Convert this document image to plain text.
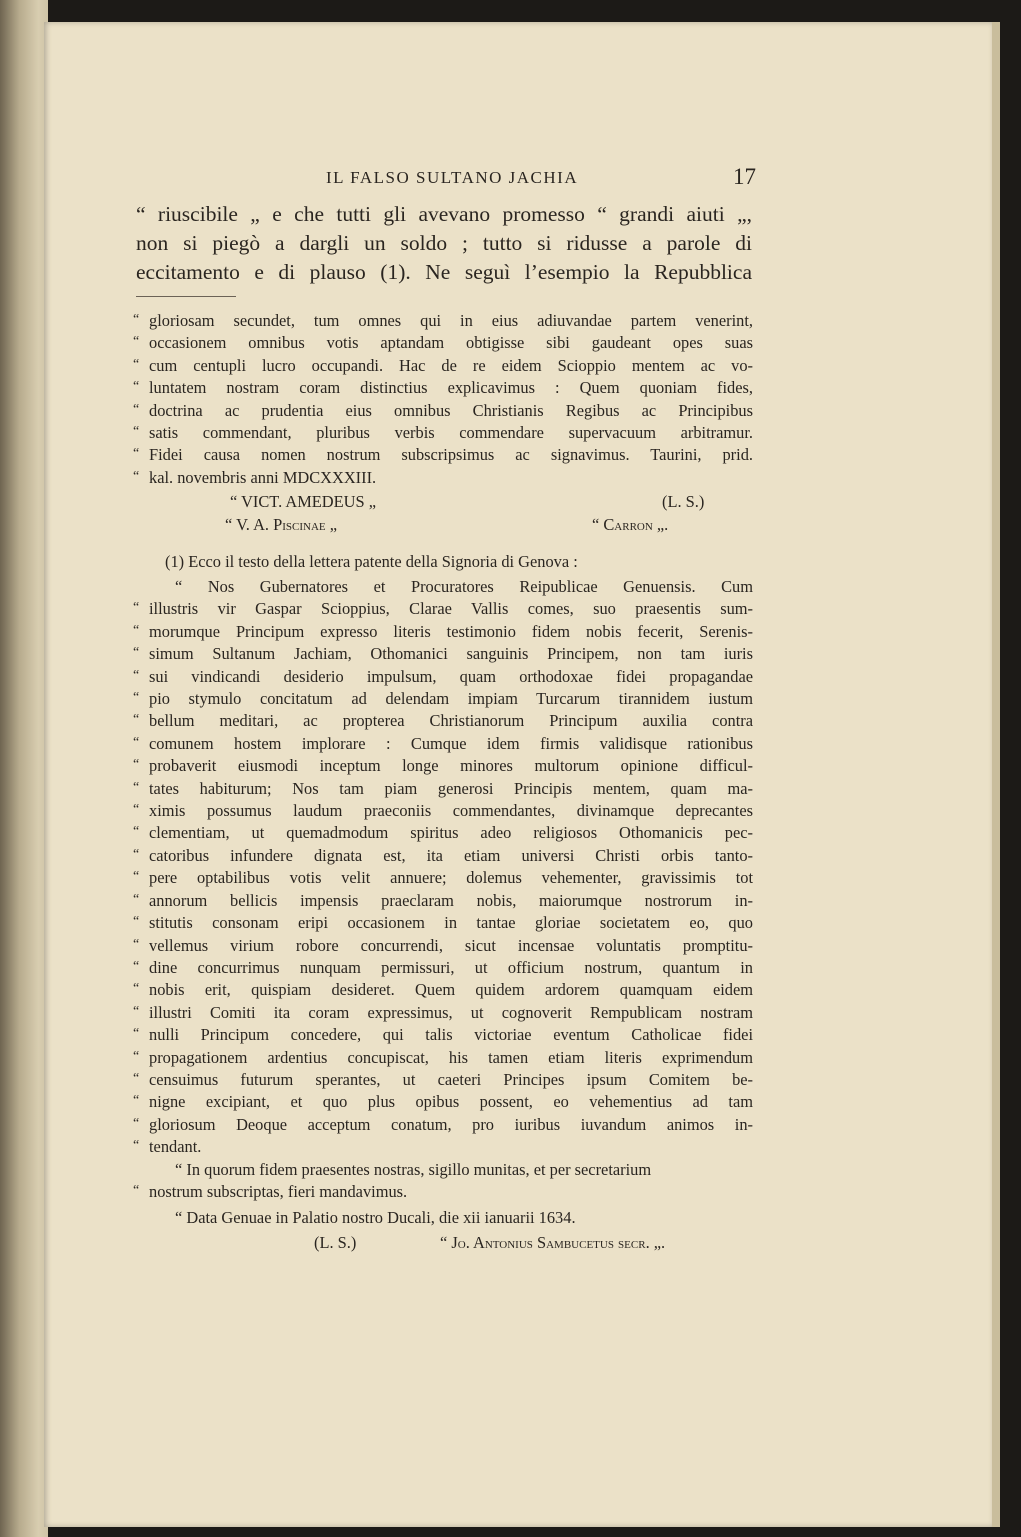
IL FALSO SULTANO JACHIA	17
“ riuscibile „ e che tutti gli avevano promesso “ grandi aiuti „,
non si piegò a dargli un soldo ; tutto si ridusse a parole di
eccitamento e di plauso (1). Ne seguì l’esempio la Repubblica
“ gloriosam secundet, tum omnes qui in eius adiuvandae partem venerint,
“ occasionem omnibus votis aptandam obtigisse sibi gaudeant opes suas
“ cum centupli lucro occupandi. Hac de re eidem Scioppio mentem ac vo-
“ luntatem nostram coram distinctius explicavimus : Quem quoniam fides,
“ doctrina ac prudentia eius omnibus Christianis Regibus ac Principibus
“ satis commendant, pluribus verbis commendare supervacuum arbitramur.
“ Fidei causa nomen nostrum subscripsimus ac signavimus. Taurini, prid.
“ kal. novembris anni MDCXXXIII.
“ VICT. AMEDEUS „	(L. S.)
“ V. A. Piscinae „	“ Carron „.
(1) Ecco il testo della lettera patente della Signoria di Genova :
“ Nos Gubernatores et Procuratores Reipublicae Genuensis. Cum
“ illustris vir Gaspar Scioppius, Clarae Vallis comes, suo praesentis sum-
“ morumque Principum expresso literis testimonio fidem nobis fecerit, Serenis-
“ simum Sultanum Jachiam, Othomanici sanguinis Principem, non tam iuris
“ sui vindicandi desiderio impulsum, quam orthodoxae fidei propagandae
“ pio stymulo concitatum ad delendam impiam Turcarum tirannidem iustum
“ bellum meditari, ac propterea Christianorum Principum auxilia contra
“ comunem hostem implorare : Cumque idem firmis validisque rationibus
“ probaverit eiusmodi inceptum longe minores multorum opinione difficul-
“ tates habiturum; Nos tam piam generosi Principis mentem, quam ma-
“ ximis possumus laudum praeconiis commendantes, divinamque deprecantes
“ clementiam, ut quemadmodum spiritus adeo religiosos Othomanicis pec-
“ catoribus infundere dignata est, ita etiam universi Christi orbis tanto-
“ pere optabilibus votis velit annuere; dolemus vehementer, gravissimis tot
“ annorum bellicis impensis praeclaram nobis, maiorumque nostrorum in-
“ stitutis consonam eripi occasionem in tantae gloriae societatem eo, quo
“ vellemus virium robore concurrendi, sicut incensae voluntatis promptitu-
“ dine concurrimus nunquam permissuri, ut officium nostrum, quantum in
“ nobis erit, quispiam desideret. Quem quidem ardorem quamquam eidem
“ illustri Comiti ita coram expressimus, ut cognoverit Rempublicam nostram
“ nulli Principum concedere, qui talis victoriae eventum Catholicae fidei
“ propagationem ardentius concupiscat, his tamen etiam literis exprimendum
“ censuimus futurum sperantes, ut caeteri Principes ipsum Comitem be-
“ nigne excipiant, et quo plus opibus possent, eo vehementius ad tam
“ gloriosum Deoque acceptum conatum, pro iuribus iuvandum animos in-
“ tendant.
“ In quorum fidem praesentes nostras, sigillo munitas, et per secretarium
“ nostrum subscriptas, fieri mandavimus.
“ Data Genuae in Palatio nostro Ducali, die xii ianuarii 1634.
(L. S.)	“ Jo. Antonius Sambucetus secr. „.
